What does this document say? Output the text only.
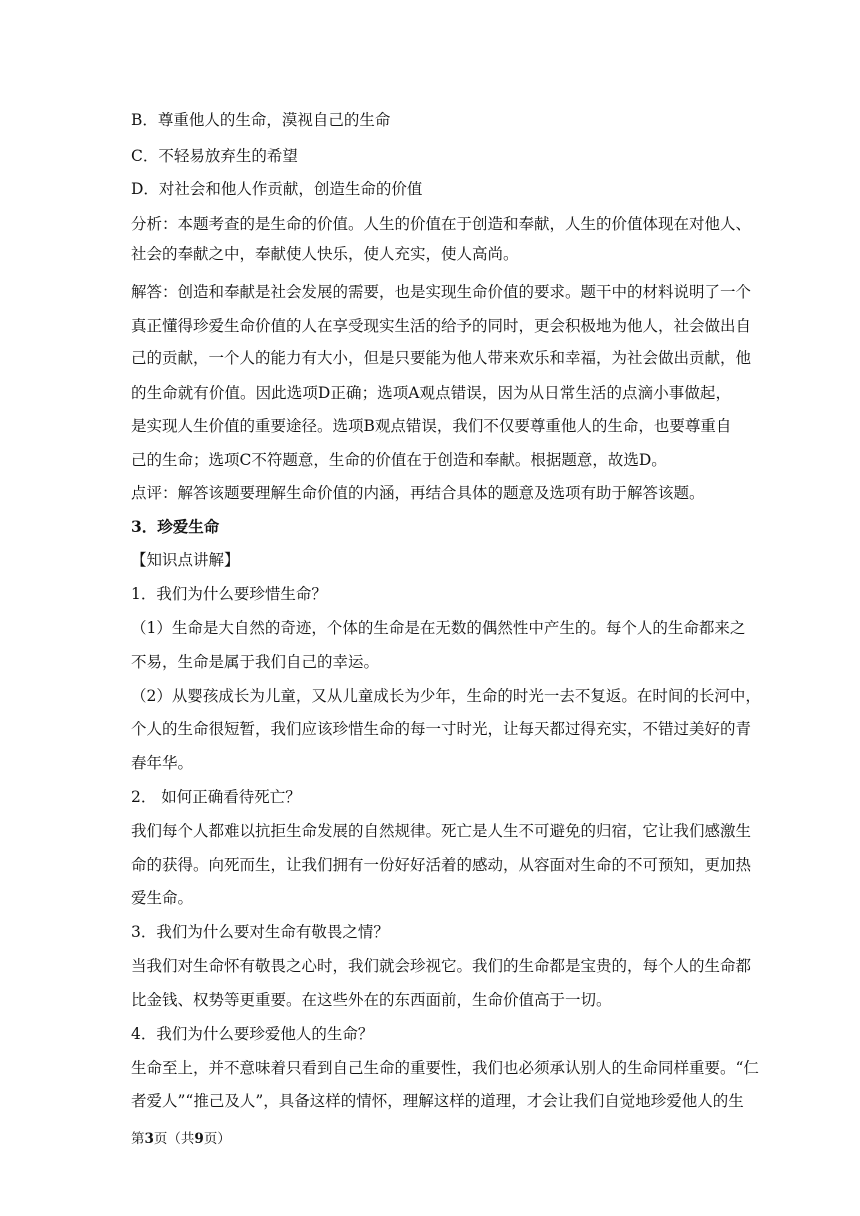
B．尊重他人的生命，漠视自己的生命
C．不轻易放弃生的希望
D．对社会和他人作贡献，创造生命的价值
分析：本题考查的是生命的价值。人生的价值在于创造和奉献，人生的价值体现在对他人、
社会的奉献之中，奉献使人快乐，使人充实，使人高尚。
解答：创造和奉献是社会发展的需要，也是实现生命价值的要求。题干中的材料说明了一个
真正懂得珍爱生命价值的人在享受现实生活的给予的同时，更会积极地为他人，社会做出自
己的贡献，一个人的能力有大小，但是只要能为他人带来欢乐和幸福，为社会做出贡献，他
的生命就有价值。因此选项D正确；选项A观点错误，因为从日常生活的点滴小事做起，
是实现人生价值的重要途径。选项B观点错误，我们不仅要尊重他人的生命，也要尊重自
己的生命；选项C不符题意，生命的价值在于创造和奉献。根据题意，故选D。
点评：解答该题要理解生命价值的内涵，再结合具体的题意及选项有助于解答该题。
3．珍爱生命
【知识点讲解】
1．我们为什么要珍惜生命？
（1）生命是大自然的奇迹，个体的生命是在无数的偶然性中产生的。每个人的生命都来之
不易，生命是属于我们自己的幸运。
（2）从婴孩成长为儿童，又从儿童成长为少年，生命的时光一去不复返。在时间的长河中，
个人的生命很短暂，我们应该珍惜生命的每一寸时光，让每天都过得充实，不错过美好的青
春年华。
2． 如何正确看待死亡？
我们每个人都难以抗拒生命发展的自然规律。死亡是人生不可避免的归宿，它让我们感激生
命的获得。向死而生，让我们拥有一份好好活着的感动，从容面对生命的不可预知，更加热
爱生命。
3．我们为什么要对生命有敬畏之情？
当我们对生命怀有敬畏之心时，我们就会珍视它。我们的生命都是宝贵的，每个人的生命都
比金钱、权势等更重要。在这些外在的东西面前，生命价值高于一切。
4．我们为什么要珍爱他人的生命？
生命至上，并不意味着只看到自己生命的重要性，我们也必须承认别人的生命同样重要。“仁
者爱人”“推己及人”，具备这样的情怀，理解这样的道理，才会让我们自觉地珍爱他人的生
第3页（共9页）
